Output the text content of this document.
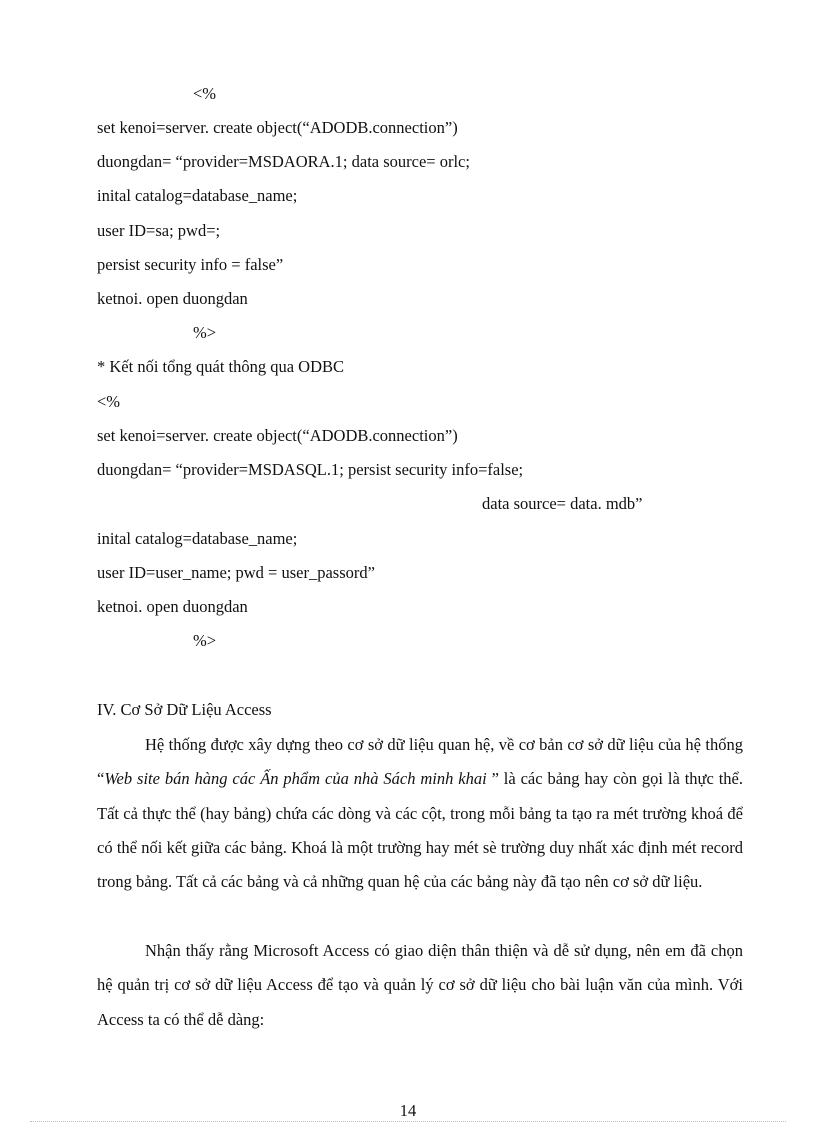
<%
set kenoi=server. create object(“ADODB.connection”)
duongdan= “provider=MSDAORA.1; data source= orlc;
inital catalog=database_name;
user ID=sa; pwd=;
persist security info = false”
ketnoi. open duongdan
%>
* Kết nối tổng quát thông qua ODBC
<%
set kenoi=server. create object(“ADODB.connection”)
duongdan= “provider=MSDASQL.1; persist security info=false;
data source= data. mdb”
inital catalog=database_name;
user ID=user_name; pwd = user_passord”
ketnoi. open duongdan
%>
IV. Cơ Sở Dữ Liệu Access
Hệ thống được xây dựng theo cơ sở dữ liệu quan hệ, về cơ bản cơ sở dữ liệu của hệ thống “Web site bán hàng các Ấn phẩm của nhà Sách minh khai ” là các bảng hay còn gọi là thực thể. Tất cả thực thể (hay bảng) chứa các dòng và các cột, trong mỗi bảng ta tạo ra mét trường khoá để có thể nối kết giữa các bảng. Khoá là một trường hay mét sè trường duy nhất xác định mét record trong bảng. Tất cả các bảng và cả những quan hệ của các bảng này đã tạo nên cơ sở dữ liệu.
Nhận thấy rằng Microsoft Access có giao diện thân thiện và dễ sử dụng, nên em đã chọn hệ quản trị cơ sở dữ liệu Access để tạo và quản lý cơ sở dữ liệu cho bài luận văn của mình. Với Access ta có thể dễ dàng:
14
